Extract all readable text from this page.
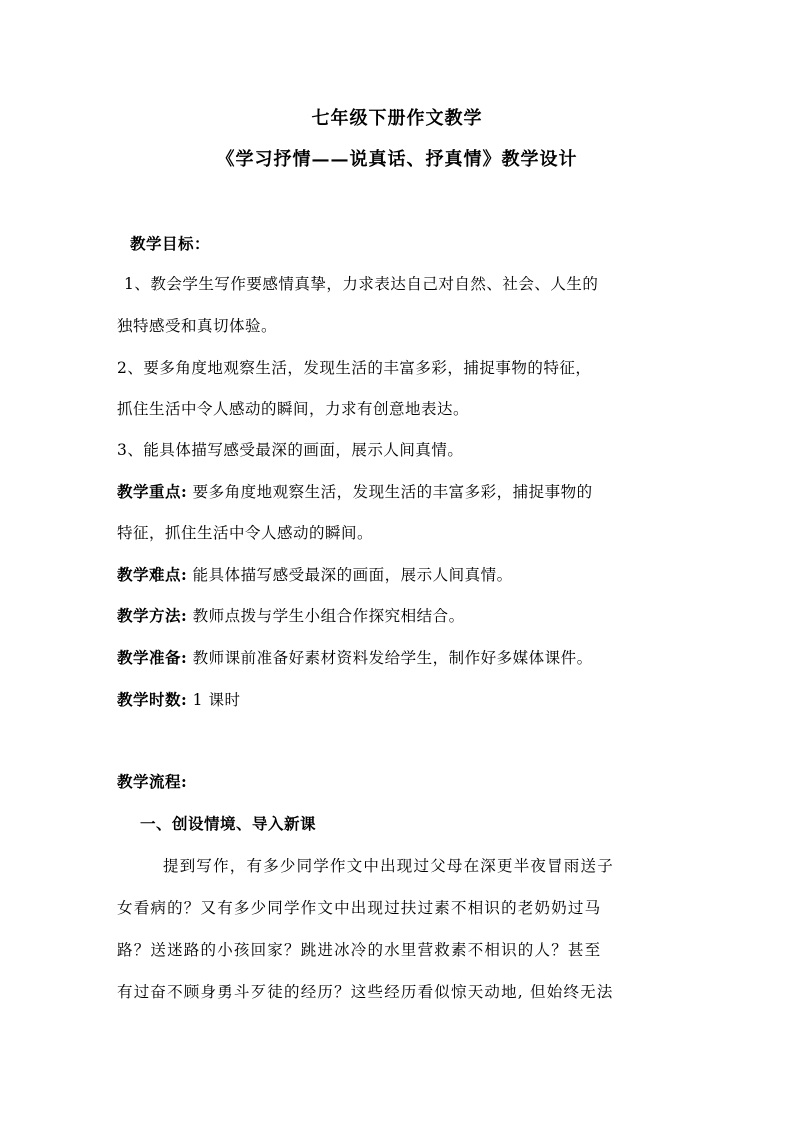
七年级下册作文教学
《学习抒情——说真话、抒真情》教学设计
教学目标：
1、教会学生写作要感情真挚，力求表达自己对自然、社会、人生的
独特感受和真切体验。
2、要多角度地观察生活，发现生活的丰富多彩，捕捉事物的特征，
抓住生活中令人感动的瞬间，力求有创意地表达。
3、能具体描写感受最深的画面，展示人间真情。
教学重点: 要多角度地观察生活，发现生活的丰富多彩，捕捉事物的
特征，抓住生活中令人感动的瞬间。
教学难点: 能具体描写感受最深的画面，展示人间真情。
教学方法: 教师点拨与学生小组合作探究相结合。
教学准备: 教师课前准备好素材资料发给学生，制作好多媒体课件。
教学时数: 1 课时
教学流程:
一、创设情境、导入新课
提到写作，有多少同学作文中出现过父母在深更半夜冒雨送子
女看病的？又有多少同学作文中出现过扶过素不相识的老奶奶过马
路？送迷路的小孩回家？跳进冰冷的水里营救素不相识的人？甚至
有过奋不顾身勇斗歹徒的经历？这些经历看似惊天动地, 但始终无法
